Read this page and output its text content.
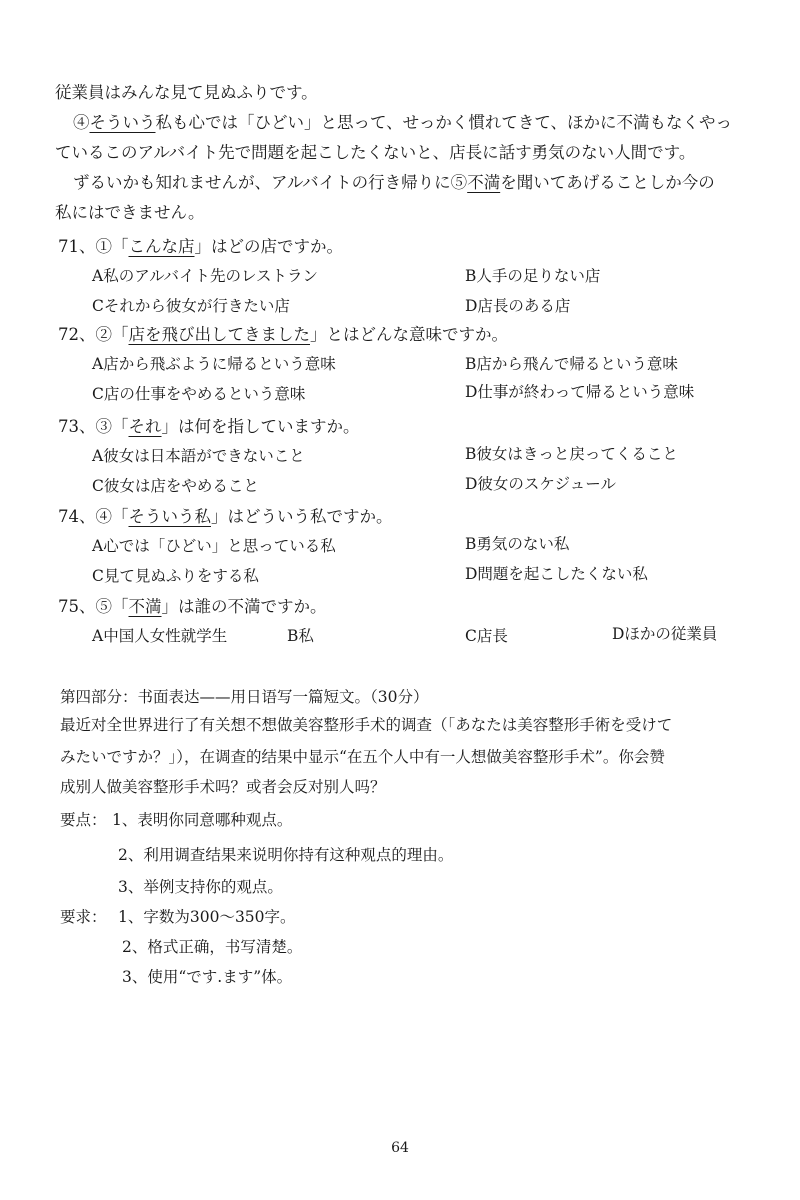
従業員はみんな見て見ぬふりです。
④そういう私も心では「ひどい」と思って、せっかく慣れてきて、ほかに不満もなくやっ
ているこのアルバイト先で問題を起こしたくないと、店長に話す勇気のない人間です。
ずるいかも知れませんが、アルバイトの行き帰りに⑤不満を聞いてあげることしか今の
私にはできません。
71、①「こんな店」はどの店ですか。
A私のアルバイト先のレストラン	B人手の足りない店
Cそれから彼女が行きたい店	D店長のある店
72、②「店を飛び出してきました」とはどんな意味ですか。
A店から飛ぶように帰るという意味	B店から飛んで帰るという意味
C店の仕事をやめるという意味	D仕事が終わって帰るという意味
73、③「それ」は何を指していますか。
A彼女は日本語ができないこと	B彼女はきっと戻ってくること
C彼女は店をやめること	D彼女のスケジュール
74、④「そういう私」はどういう私ですか。
A心では「ひどい」と思っている私	B勇気のない私
C見て見ぬふりをする私	D問題を起こしたくない私
75、⑤「不満」は誰の不満ですか。
A中国人女性就学生	B私	C店長	Dほかの従業員
第四部分：书面表达——用日语写一篇短文。（30分）
最近对全世界进行了有关想不想做美容整形手术的调查（「あなたは美容整形手術を受けて
みたいですか？」），在调查的结果中显示“在五个人中有一人想做美容整形手术”。你会赞
成别人做美容整形手术吗？或者会反对别人吗？
要点： 1、表明你同意哪种观点。
2、利用调查结果来说明你持有这种观点的理由。
3、举例支持你的观点。
要求： 1、字数为300～350字。
2、格式正确，书写清楚。
3、使用“です.ます”体。
64
